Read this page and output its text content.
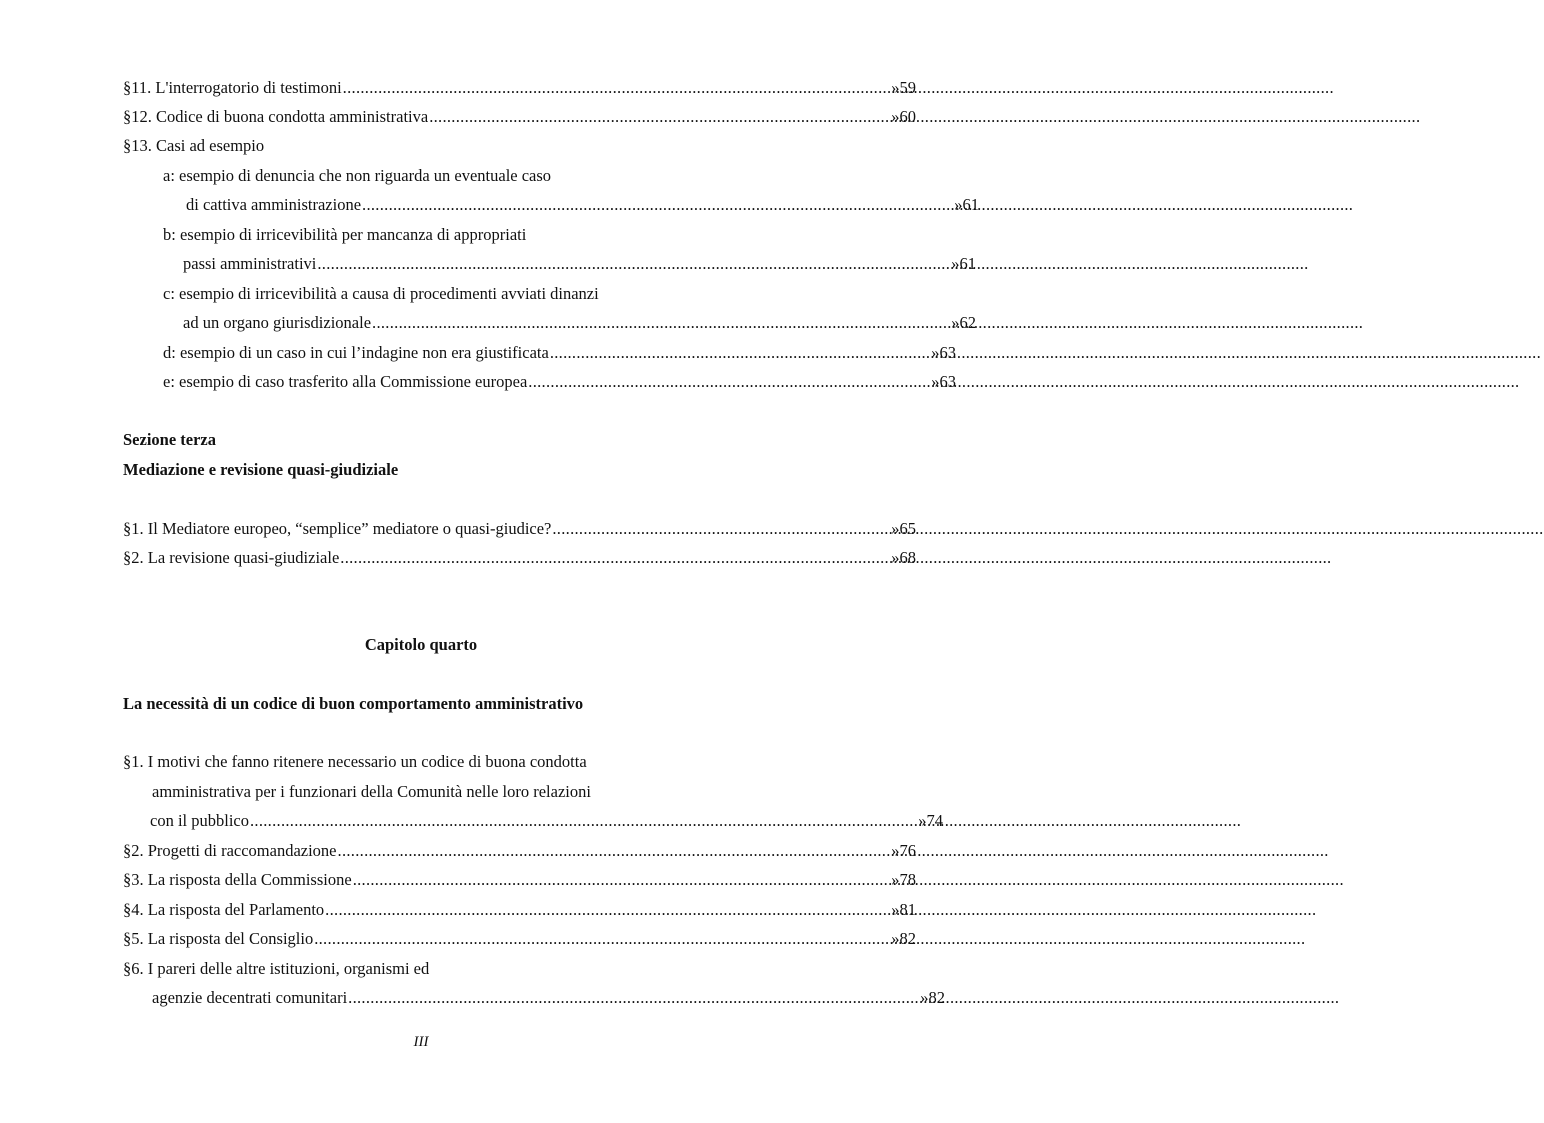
§11. L'interrogatorio di testimoni .....	»59
§12. Codice di buona condotta amministrativa .....	»60
§13. Casi ad esempio
a: esempio di denuncia che non riguarda un eventuale caso
di cattiva amministrazione .....	»61
b: esempio di irricevibilità per mancanza di appropriati
passi amministrativi .....	»61
c: esempio di irricevibilità a causa di procedimenti avviati dinanzi
ad un organo giurisdizionale .....	»62
d: esempio di un caso in cui l’indagine non era giustificata .....	»63
e: esempio di caso trasferito alla Commissione europea .....	»63
Sezione terza
Mediazione e revisione quasi-giudiziale
§1. Il Mediatore europeo, “semplice” mediatore o quasi-giudice? .....	»65
§2. La revisione quasi-giudiziale .....	»68
Capitolo quarto
La necessità di un codice di buon comportamento amministrativo
§1. I motivi che fanno ritenere necessario un codice di buona condotta
amministrativa per i funzionari della Comunità nelle loro relazioni
con il pubblico .....	»74
§2. Progetti di raccomandazione .....	»76
§3. La risposta della Commissione .....	»78
§4. La risposta del Parlamento .....	»81
§5. La risposta del Consiglio .....	»82
§6. I pareri delle altre istituzioni, organismi ed
agenzie decentrati comunitari .....	»82
III
